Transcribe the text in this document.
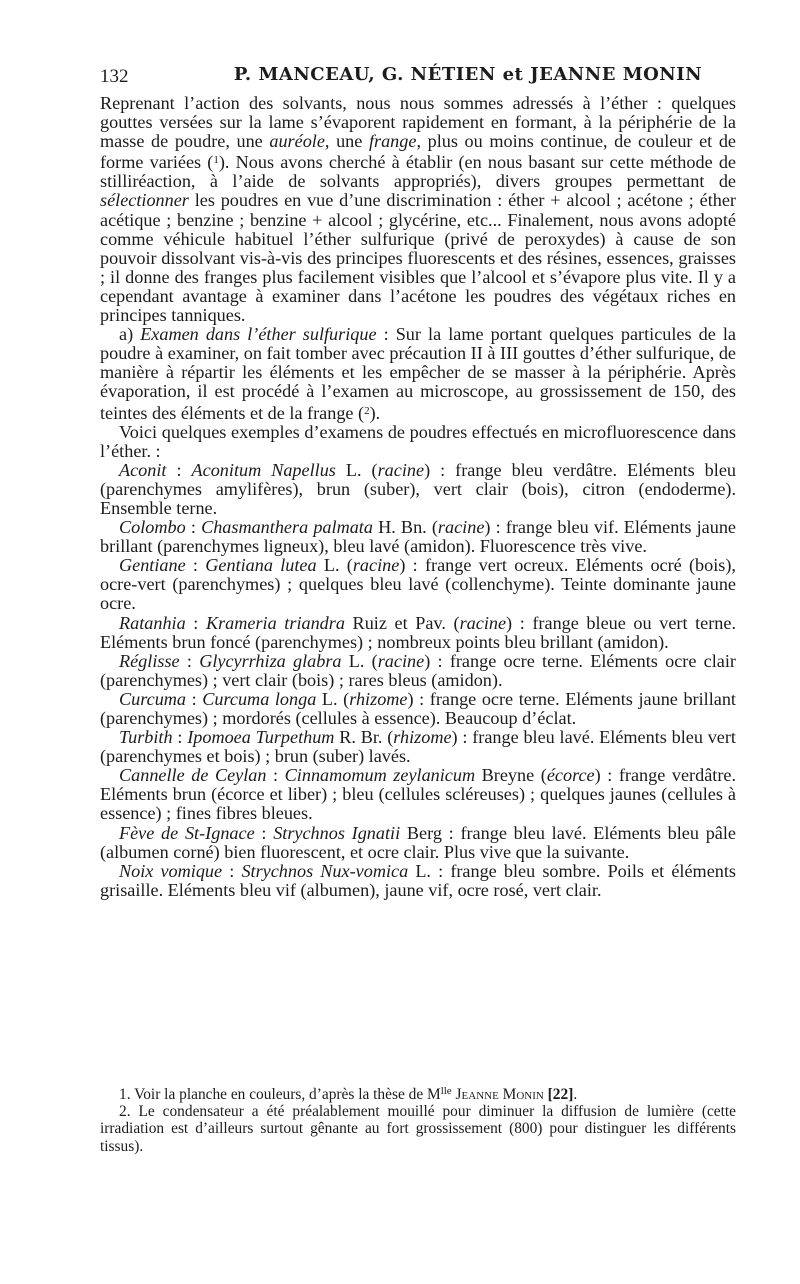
132	P. MANCEAU, G. NÉTIEN et JEANNE MONIN

Reprenant l’action des solvants, nous nous sommes adressés à l’éther : quelques gouttes versées sur la lame s’évaporent rapidement en formant, à la périphérie de la masse de poudre, une auréole, une frange, plus ou moins continue, de couleur et de forme variées ($^1$). Nous avons cherché à établir (en nous basant sur cette méthode de stilliréaction, à l’aide de solvants appropriés), divers groupes permettant de sélectionner les poudres en vue d’une discrimination : éther + alcool ; acétone ; éther acétique ; benzine ; benzine + alcool ; glycérine, etc... Finalement, nous avons adopté comme véhicule habituel l’éther sulfurique (privé de peroxydes) à cause de son pouvoir dissolvant vis-à-vis des principes fluorescents et des résines, essences, graisses ; il donne des franges plus facilement visibles que l’alcool et s’évapore plus vite. Il y a cependant avantage à examiner dans l’acétone les poudres des végétaux riches en principes tanniques.

a) Examen dans l’éther sulfurique : Sur la lame portant quelques particules de la poudre à examiner, on fait tomber avec précaution II à III gouttes d’éther sulfurique, de manière à répartir les éléments et les empêcher de se masser à la périphérie. Après évaporation, il est procédé à l’examen au microscope, au grossissement de 150, des teintes des éléments et de la frange ($^2$).

Voici quelques exemples d’examens de poudres effectués en microfluorescence dans l’éther. :

Aconit : Aconitum Napellus L. (racine) : frange bleu verdâtre. Eléments bleu (parenchymes amylifères), brun (suber), vert clair (bois), citron (endoderme). Ensemble terne.

Colombo : Chasmanthera palmata H. Bn. (racine) : frange bleu vif. Eléments jaune brillant (parenchymes ligneux), bleu lavé (amidon). Fluorescence très vive.

Gentiane : Gentiana lutea L. (racine) : frange vert ocreux. Eléments ocré (bois), ocre-vert (parenchymes) ; quelques bleu lavé (collenchyme). Teinte dominante jaune ocre.

Ratanhia : Krameria triandra Ruiz et Pav. (racine) : frange bleue ou vert terne. Eléments brun foncé (parenchymes) ; nombreux points bleu brillant (amidon).

Réglisse : Glycyrrhiza glabra L. (racine) : frange ocre terne. Eléments ocre clair (parenchymes) ; vert clair (bois) ; rares bleus (amidon).

Curcuma : Curcuma longa L. (rhizome) : frange ocre terne. Eléments jaune brillant (parenchymes) ; mordorés (cellules à essence). Beaucoup d’éclat.

Turbith : Ipomoea Turpethum R. Br. (rhizome) : frange bleu lavé. Eléments bleu vert (parenchymes et bois) ; brun (suber) lavés.

Cannelle de Ceylan : Cinnamomum zeylanicum Breyne (écorce) : frange verdâtre. Eléments brun (écorce et liber) ; bleu (cellules scléreuses) ; quelques jaunes (cellules à essence) ; fines fibres bleues.

Fève de St-Ignace : Strychnos Ignatii Berg : frange bleu lavé. Eléments bleu pâle (albumen corné) bien fluorescent, et ocre clair. Plus vive que la suivante.

Noix vomique : Strychnos Nux-vomica L. : frange bleu sombre. Poils et éléments grisaille. Eléments bleu vif (albumen), jaune vif, ocre rosé, vert clair.

1. Voir la planche en couleurs, d’après la thèse de M$^{lle}$ Jeanne Monin [22].

2. Le condensateur a été préalablement mouillé pour diminuer la diffusion de lumière (cette irradiation est d’ailleurs surtout gênante au fort grossissement (800) pour distinguer les différents tissus).
